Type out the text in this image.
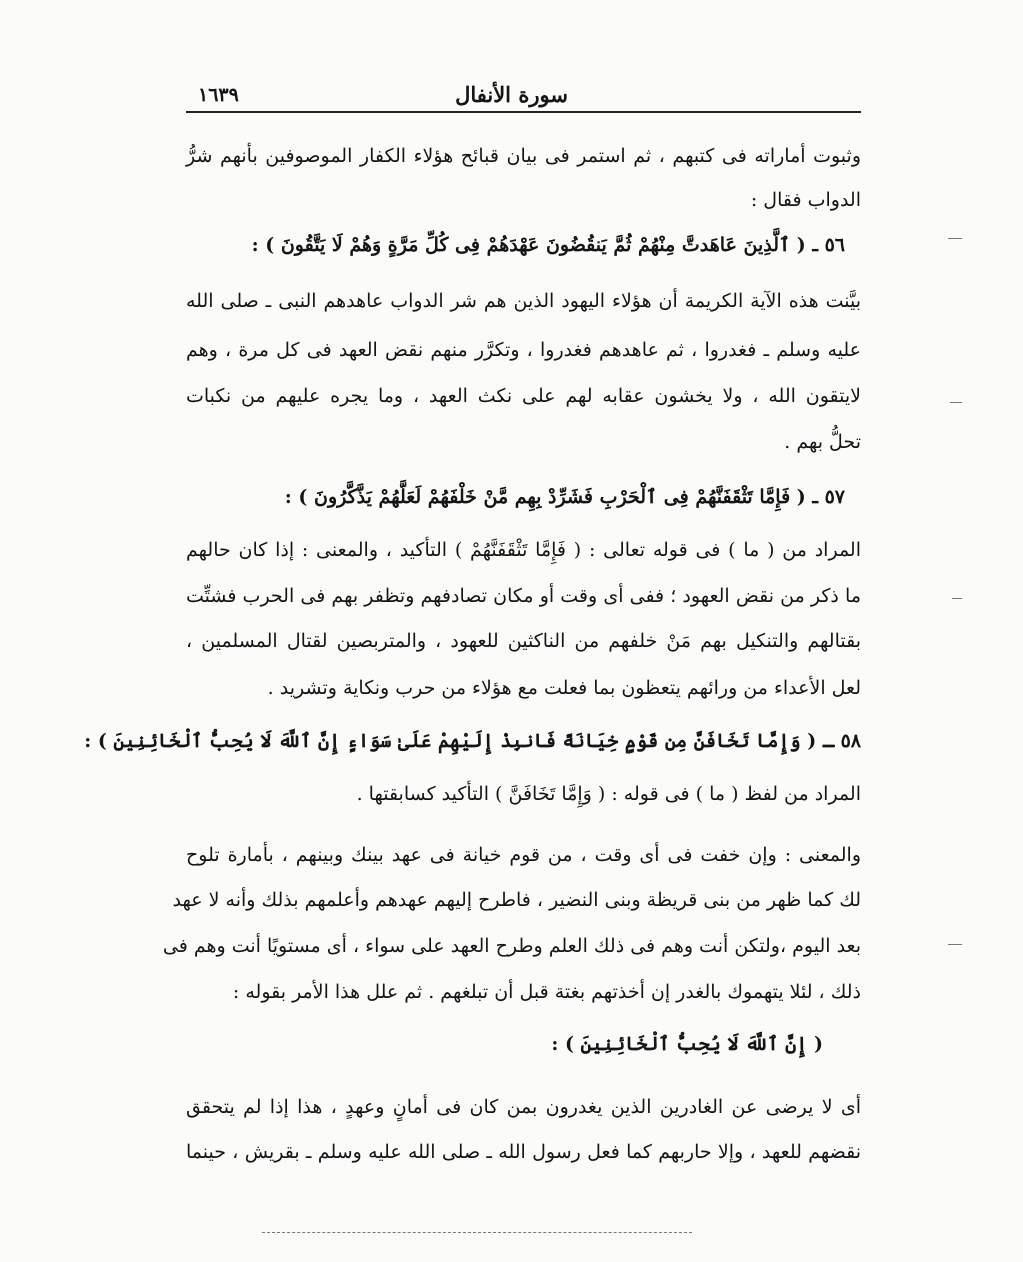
سورة الأنفال
١٦٣٩
وثبوت أماراته فى كتبهم ، ثم استمر فى بيان قبائح هؤلاء الكفار الموصوفين بأنهم شرُّ
الدواب فقال :
٥٦ ـ ( ٱلَّذِينَ عَاهَدتَّ مِنْهُمْ ثُمَّ يَنقُضُونَ عَهْدَهُمْ فِى كُلِّ مَرَّةٍ وَهُمْ لَا يَتَّقُونَ ) :
بيَّنت هذه الآية الكريمة أن هؤلاء اليهود الذين هم شر الدواب عاهدهم النبى ـ صلى الله
عليه وسلم ـ فغدروا ، ثم عاهدهم فغدروا ، وتكرَّر منهم نقض العهد فى كل مرة ، وهم
لايتقون الله ، ولا يخشون عقابه لهم على نكث العهد ، وما يجره عليهم من نكبات
تحلُّ بهم .
٥٧ ـ ( فَإِمَّا تَثْقَفَنَّهُمْ فِى ٱلْحَرْبِ فَشَرِّدْ بِهِم مَّنْ خَلْفَهُمْ لَعَلَّهُمْ يَذَّكَّرُونَ ) :
المراد من ( ما ) فى قوله تعالى : ( فَإِمَّا تَثْقَفَنَّهُمْ ) التأكيد ، والمعنى : إذا كان حالهم
ما ذكر من نقض العهود ؛ ففى أى وقت أو مكان تصادفهم وتظفر بهم فى الحرب فشتِّت
بقتالهم والتنكيل بهم مَنْ خلفهم من الناكثين للعهود ، والمتربصين لقتال المسلمين ،
لعل الأعداء من ورائهم يتعظون بما فعلت مع هؤلاء من حرب ونكاية وتشريد .
٥٨ ـ ( وَإِمَّا تَخَافَنَّ مِن قَوْمٍ خِيَانَةً فَانبِذْ إِلَيْهِمْ عَلَىٰ سَوَاءٍ إِنَّ ٱللَّهَ لَا يُحِبُّ ٱلْخَائِنِينَ ) :
المراد من لفظ ( ما ) فى قوله : ( وَإِمَّا تَخَافَنَّ ) التأكيد كسابقتها .
والمعنى : وإن خفت فى أى وقت ، من قوم خيانة فى عهد بينك وبينهم ، بأمارة تلوح
لك كما ظهر من بنى قريظة وبنى النضير ، فاطرح إليهم عهدهم وأعلمهم بذلك وأنه لا عهد
بعد اليوم ،ولتكن أنت وهم فى ذلك العلم وطرح العهد على سواء ، أى مستويًا أنت وهم فى
ذلك ، لئلا يتهموك بالغدر إن أخذتهم بغتة قبل أن تبلغهم . ثم علل هذا الأمر بقوله :
( إِنَّ ٱللَّهَ لَا يُحِبُّ ٱلْخَائِنِينَ ) :
أى لا يرضى عن الغادرين الذين يغدرون بمن كان فى أمانٍ وعهدٍ ، هذا إذا لم يتحقق
نقضهم للعهد ، وإلا حاربهم كما فعل رسول الله ـ صلى الله عليه وسلم ـ بقريش ، حينما
